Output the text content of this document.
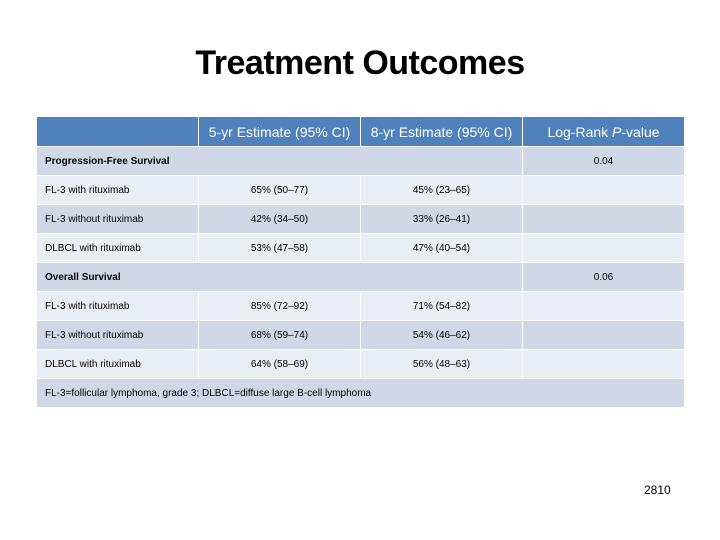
Treatment Outcomes
	5-yr Estimate (95% CI)	8-yr Estimate (95% CI)	Log-Rank P-value
Progression-Free Survival			0.04
FL-3 with rituximab	65% (50–77)	45% (23–65)	
FL-3 without rituximab	42% (34–50)	33% (26–41)	
DLBCL with rituximab	53% (47–58)	47% (40–54)	
Overall Survival			0.06
FL-3 with rituximab	85% (72–92)	71% (54–82)	
FL-3 without rituximab	68% (59–74)	54% (46–62)	
DLBCL with rituximab	64% (58–69)	56% (48–63)	
FL-3=follicular lymphoma, grade 3; DLBCL=diffuse large B-cell lymphoma			
2810
